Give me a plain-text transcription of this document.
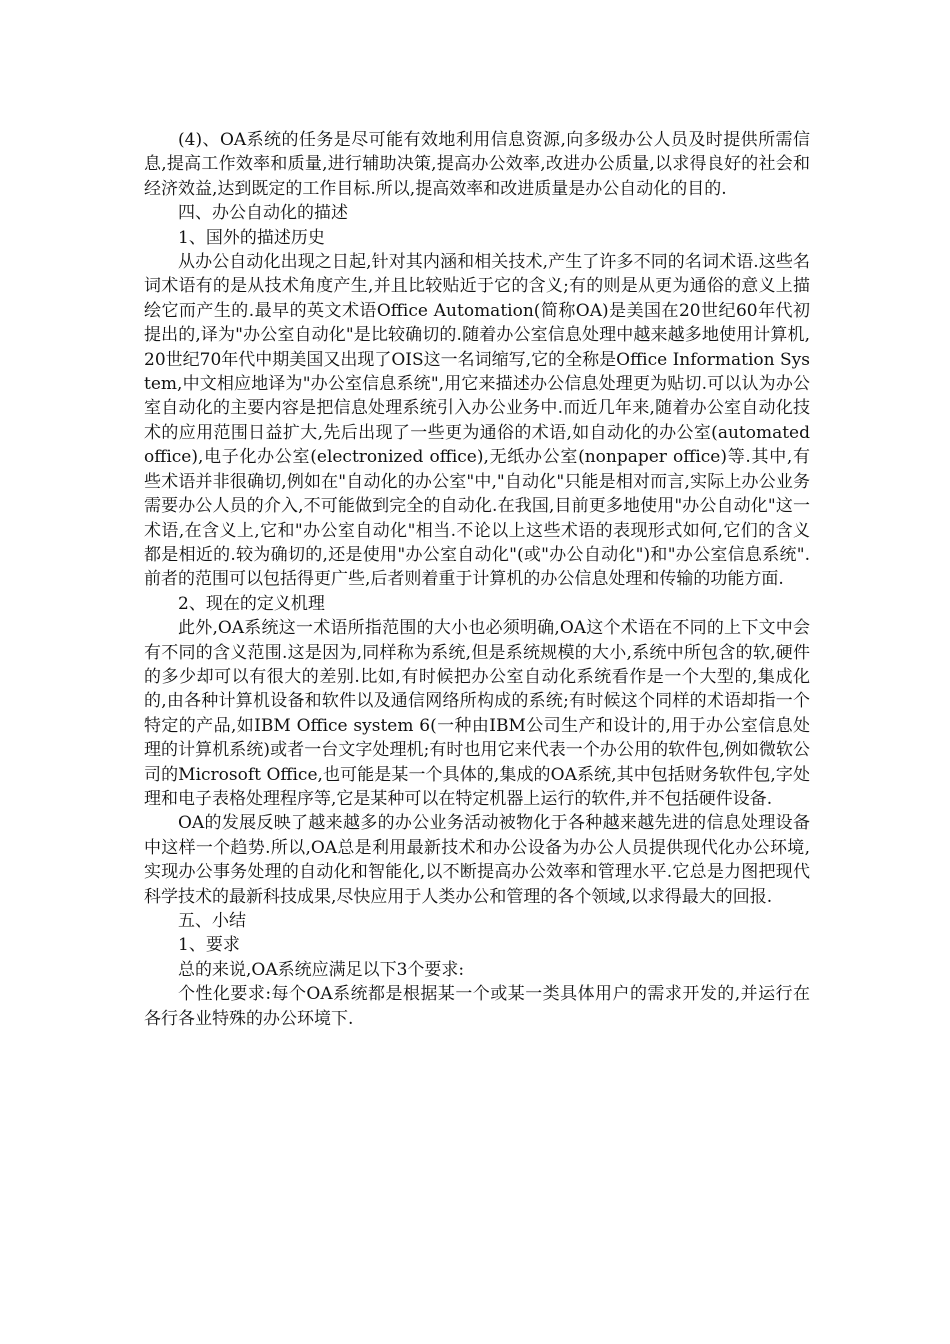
(4)、OA系统的任务是尽可能有效地利用信息资源,向多级办公人员及时提供所需信息,提高工作效率和质量,进行辅助决策,提高办公效率,改进办公质量,以求得良好的社会和经济效益,达到既定的工作目标.所以,提高效率和改进质量是办公自动化的目的.

四、办公自动化的描述

1、国外的描述历史

从办公自动化出现之日起,针对其内涵和相关技术,产生了许多不同的名词术语.这些名词术语有的是从技术角度产生,并且比较贴近于它的含义;有的则是从更为通俗的意义上描绘它而产生的.最早的英文术语Office Automation(简称OA)是美国在20世纪60年代初提出的,译为"办公室自动化"是比较确切的.随着办公室信息处理中越来越多地使用计算机,20世纪70年代中期美国又出现了OIS这一名词缩写,它的全称是Office Information System,中文相应地译为"办公室信息系统",用它来描述办公信息处理更为贴切.可以认为办公室自动化的主要内容是把信息处理系统引入办公业务中.而近几年来,随着办公室自动化技术的应用范围日益扩大,先后出现了一些更为通俗的术语,如自动化的办公室(automated office),电子化办公室(electronized office),无纸办公室(nonpaper office)等.其中,有些术语并非很确切,例如在"自动化的办公室"中,"自动化"只能是相对而言,实际上办公业务需要办公人员的介入,不可能做到完全的自动化.在我国,目前更多地使用"办公自动化"这一术语,在含义上,它和"办公室自动化"相当.不论以上这些术语的表现形式如何,它们的含义都是相近的.较为确切的,还是使用"办公室自动化"(或"办公自动化")和"办公室信息系统".前者的范围可以包括得更广些,后者则着重于计算机的办公信息处理和传输的功能方面.

2、现在的定义机理

此外,OA系统这一术语所指范围的大小也必须明确,OA这个术语在不同的上下文中会有不同的含义范围.这是因为,同样称为系统,但是系统规模的大小,系统中所包含的软,硬件的多少却可以有很大的差别.比如,有时候把办公室自动化系统看作是一个大型的,集成化的,由各种计算机设备和软件以及通信网络所构成的系统;有时候这个同样的术语却指一个特定的产品,如IBM Office system 6(一种由IBM公司生产和设计的,用于办公室信息处理的计算机系统)或者一台文字处理机;有时也用它来代表一个办公用的软件包,例如微软公司的Microsoft Office,也可能是某一个具体的,集成的OA系统,其中包括财务软件包,字处理和电子表格处理程序等,它是某种可以在特定机器上运行的软件,并不包括硬件设备.

OA的发展反映了越来越多的办公业务活动被物化于各种越来越先进的信息处理设备中这样一个趋势.所以,OA总是利用最新技术和办公设备为办公人员提供现代化办公环境,实现办公事务处理的自动化和智能化,以不断提高办公效率和管理水平.它总是力图把现代科学技术的最新科技成果,尽快应用于人类办公和管理的各个领域,以求得最大的回报.

五、小结

1、要求

总的来说,OA系统应满足以下3个要求:

个性化要求:每个OA系统都是根据某一个或某一类具体用户的需求开发的,并运行在各行各业特殊的办公环境下.
